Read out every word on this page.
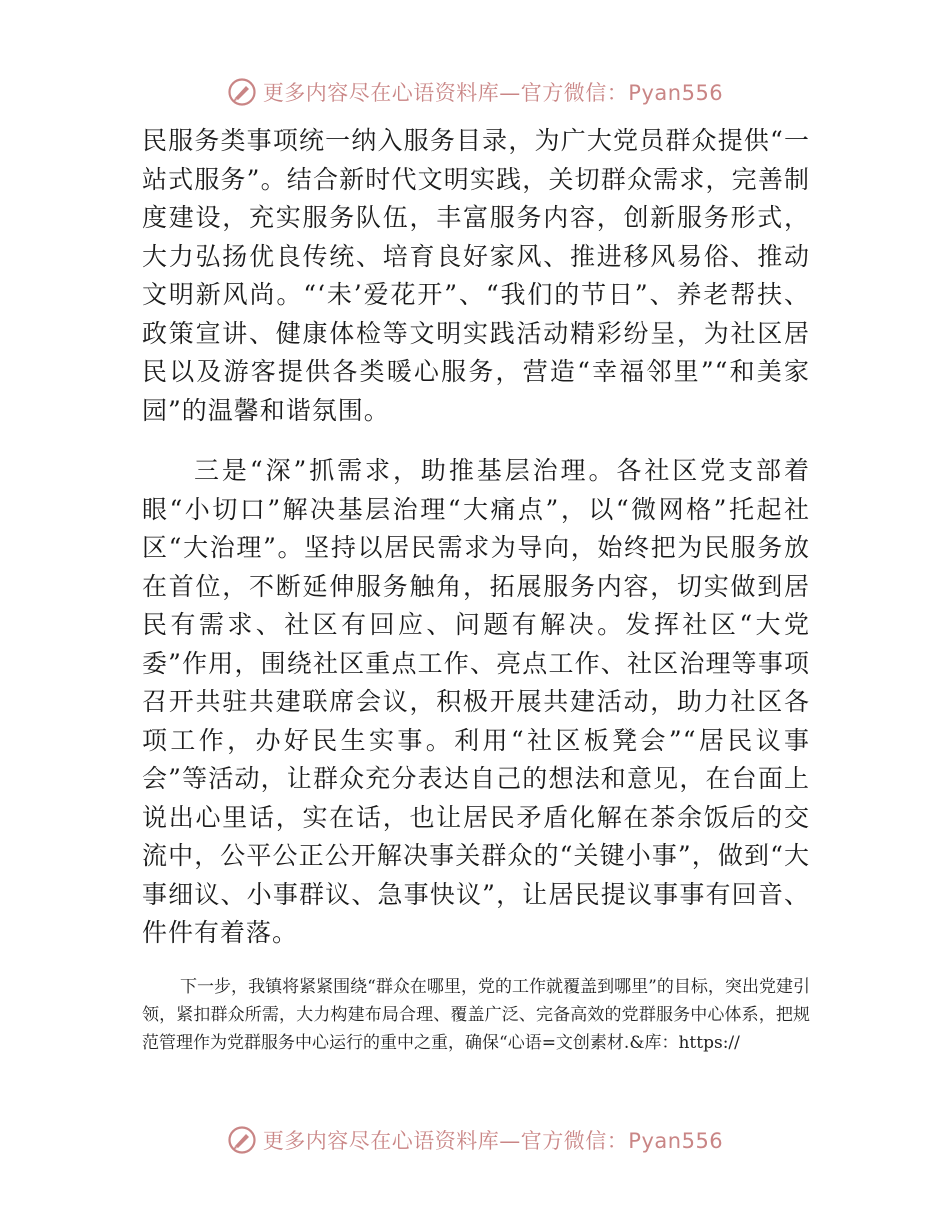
更多内容尽在心语资料库—官方微信：Pyan556

民服务类事项统一纳入服务目录，为广大党员群众提供“一站式服务”。结合新时代文明实践，关切群众需求，完善制度建设，充实服务队伍，丰富服务内容，创新服务形式，大力弘扬优良传统、培育良好家风、推进移风易俗、推动文明新风尚。“‘未’爱花开”、“我们的节日”、养老帮扶、政策宣讲、健康体检等文明实践活动精彩纷呈，为社区居民以及游客提供各类暖心服务，营造“幸福邻里”“和美家园”的温馨和谐氛围。

三是“深”抓需求，助推基层治理。各社区党支部着眼“小切口”解决基层治理“大痛点”，以“微网格”托起社区“大治理”。坚持以居民需求为导向，始终把为民服务放在首位，不断延伸服务触角，拓展服务内容，切实做到居民有需求、社区有回应、问题有解决。发挥社区“大党委”作用，围绕社区重点工作、亮点工作、社区治理等事项召开共驻共建联席会议，积极开展共建活动，助力社区各项工作，办好民生实事。利用“社区板凳会”“居民议事会”等活动，让群众充分表达自己的想法和意见，在台面上说出心里话，实在话，也让居民矛盾化解在茶余饭后的交流中，公平公正公开解决事关群众的“关键小事”，做到“大事细议、小事群议、急事快议”，让居民提议事事有回音、件件有着落。

下一步，我镇将紧紧围绕“群众在哪里，党的工作就覆盖到哪里”的目标，突出党建引领，紧扣群众所需，大力构建布局合理、覆盖广泛、完备高效的党群服务中心体系，把规范管理作为党群服务中心运行的重中之重，确保“心语=文创素材.&库：https://

更多内容尽在心语资料库—官方微信：Pyan556
